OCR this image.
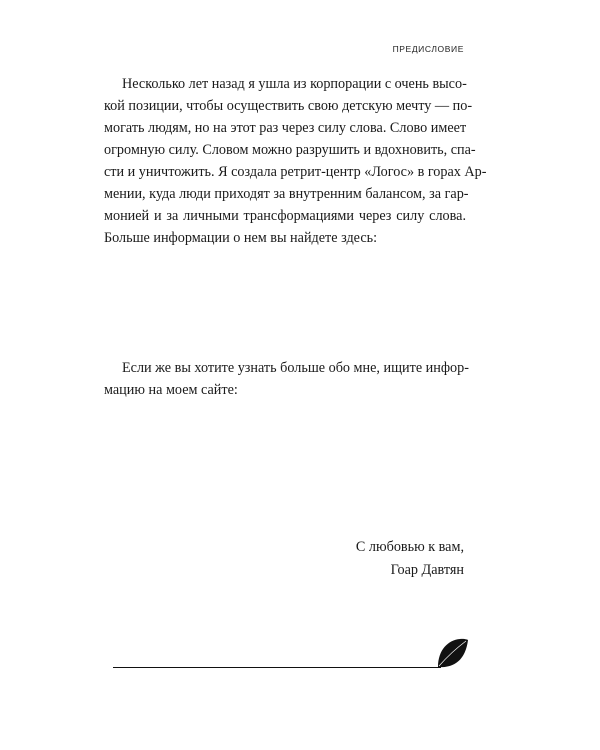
ПРЕДИСЛОВИЕ

Несколько лет назад я ушла из корпорации с очень высо-
кой позиции, чтобы осуществить свою детскую мечту — по-
могать людям, но на этот раз через силу слова. Слово имеет
огромную силу. Словом можно разрушить и вдохновить, спа-
сти и уничтожить. Я создала ретрит-центр «Логос» в горах Ар-
мении, куда люди приходят за внутренним балансом, за гар-
монией и за личными трансформациями через силу слова.
Больше информации о нем вы найдете здесь:

Если же вы хотите узнать больше обо мне, ищите инфор-
мацию на моем сайте:

С любовью к вам,
Гоар Давтян
